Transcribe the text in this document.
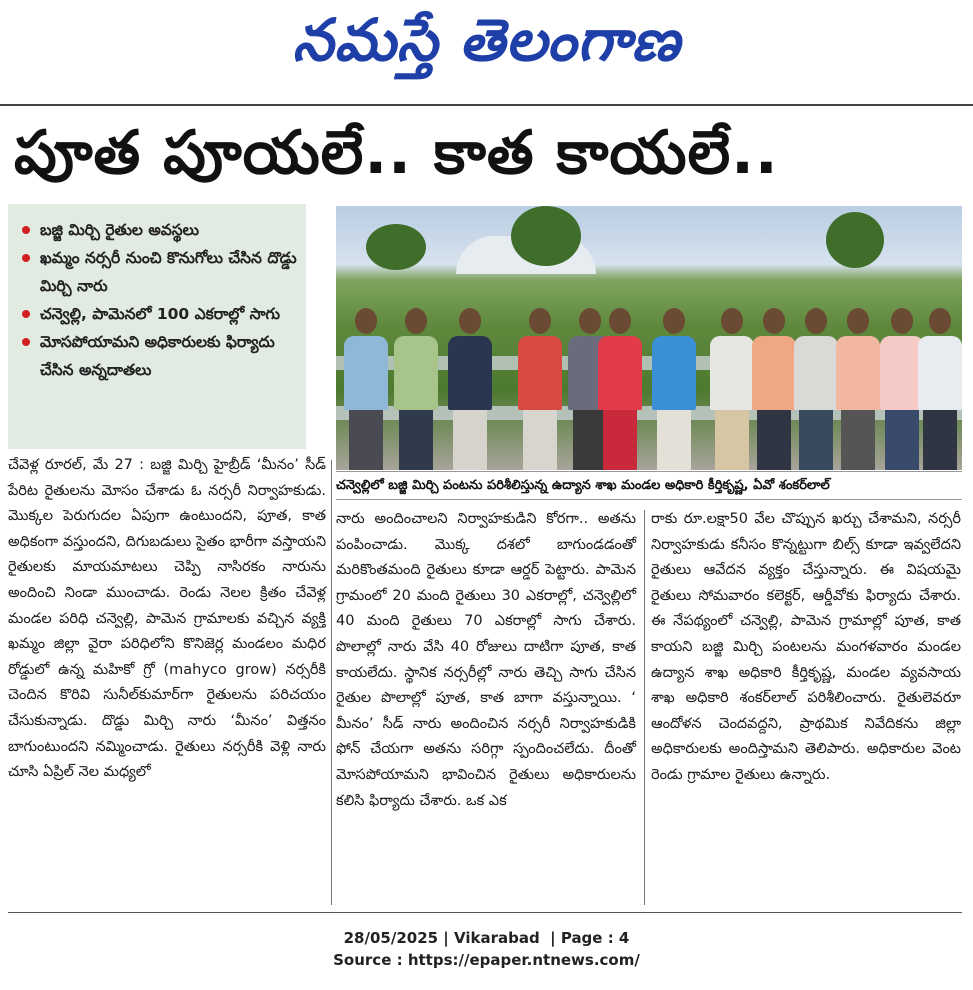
నమస్తే తెలంగాణ
పూత పూయలే.. కాత కాయలే..
బజ్జి మిర్చి రైతుల అవస్థలు
ఖమ్మం నర్సరీ నుంచి కొనుగోలు చేసిన దొడ్డు మిర్చి నారు
చన్వెల్లి, పామెనలో 100 ఎకరాల్లో సాగు
మోసపోయామని అధికారులకు ఫిర్యాదు చేసిన అన్నదాతలు
చన్వెల్లిలో బజ్జి మిర్చి పంటను పరిశీలిస్తున్న ఉద్యాన శాఖ మండల అధికారి కీర్తికృష్ణ, ఏవో శంకర్‌లాల్
చేవెళ్ల రూరల్‌, మే 27 : బజ్జి మిర్చి హైబ్రీడ్‌ ‘మీనం’ సీడ్‌ పేరిట రైతులను మోసం చేశాడు ఓ నర్సరీ నిర్వాహకుడు. మొక్కల పెరుగుదల ఏపుగా ఉంటుందని, పూత, కాత అధికంగా వస్తుందని, దిగుబడులు సైతం భారీగా వస్తాయని రైతులకు మాయమాటలు చెప్పి నాసిరకం నారును అందించి నిండా ముంచాడు. రెండు నెలల క్రితం చేవెళ్ల మండల పరిధి చన్వెల్లి, పామెన గ్రామాలకు వచ్చిన వ్యక్తి ఖమ్మం జిల్లా వైరా పరిధిలోని కొనిజెర్ల మండలం మధిర రోడ్డులో ఉన్న మహికో గ్రో (mahyco grow) నర్సరీకి చెందిన కొరివి సునీల్‌కుమార్‌గా రైతులను పరిచయం చేసుకున్నాడు. దొడ్డు మిర్చి నారు ‘మీనం’ విత్తనం బాగుంటుందని నమ్మించాడు. రైతులు నర్సరీకి వెళ్లి నారు చూసి ఏప్రిల్‌ నెల మధ్యలో
నారు అందించాలని నిర్వాహకుడిని కోరగా.. అతను పంపించాడు. మొక్క దశలో బాగుండడంతో మరికొంతమంది రైతులు కూడా ఆర్డర్‌ పెట్టారు. పామెన గ్రామంలో 20 మంది రైతులు 30 ఎకరాల్లో, చన్వెల్లిలో 40 మంది రైతులు 70 ఎకరాల్లో సాగు చేశారు. పొలాల్లో నారు వేసి 40 రోజులు దాటిగా పూత, కాత కాయలేదు. స్థానిక నర్సరీల్లో నారు తెచ్చి సాగు చేసిన రైతుల పొలాల్లో పూత, కాత బాగా వస్తున్నాయి. ‘ మీనం’ సీడ్‌ నారు అందించిన నర్సరీ నిర్వాహకుడికి ఫోన్‌ చేయగా అతను సరిగ్గా స్పందించలేదు. దీంతో మోసపోయామని భావించిన రైతులు అధికారులను కలిసి ఫిర్యాదు చేశారు. ఒక ఎక
రాకు రూ.లక్షా50 వేల చొప్పున ఖర్చు చేశామని, నర్సరీ నిర్వాహకుడు కనీసం కొన్నట్టుగా బిల్స్‌ కూడా ఇవ్వలేదని రైతులు ఆవేదన వ్యక్తం చేస్తున్నారు. ఈ విషయమై రైతులు సోమవారం కలెక్టర్‌, ఆర్డీవోకు ఫిర్యాదు చేశారు. ఈ నేపథ్యంలో చన్వెల్లి, పామెన గ్రామాల్లో పూత, కాత కాయని బజ్జి మిర్చి పంటలను మంగళవారం మండల ఉద్యాన శాఖ అధికారి కీర్తికృష్ణ, మండల వ్యవసాయ శాఖ అధికారి శంకర్‌లాల్‌ పరిశీలించారు. రైతులెవరూ ఆందోళన చెందవద్దని, ప్రాథమిక నివేదికను జిల్లా అధికారులకు అందిస్తామని తెలిపారు. అధికారుల వెంట రెండు గ్రామాల రైతులు ఉన్నారు.
28/05/2025 | Vikarabad  | Page : 4
Source : https://epaper.ntnews.com/
